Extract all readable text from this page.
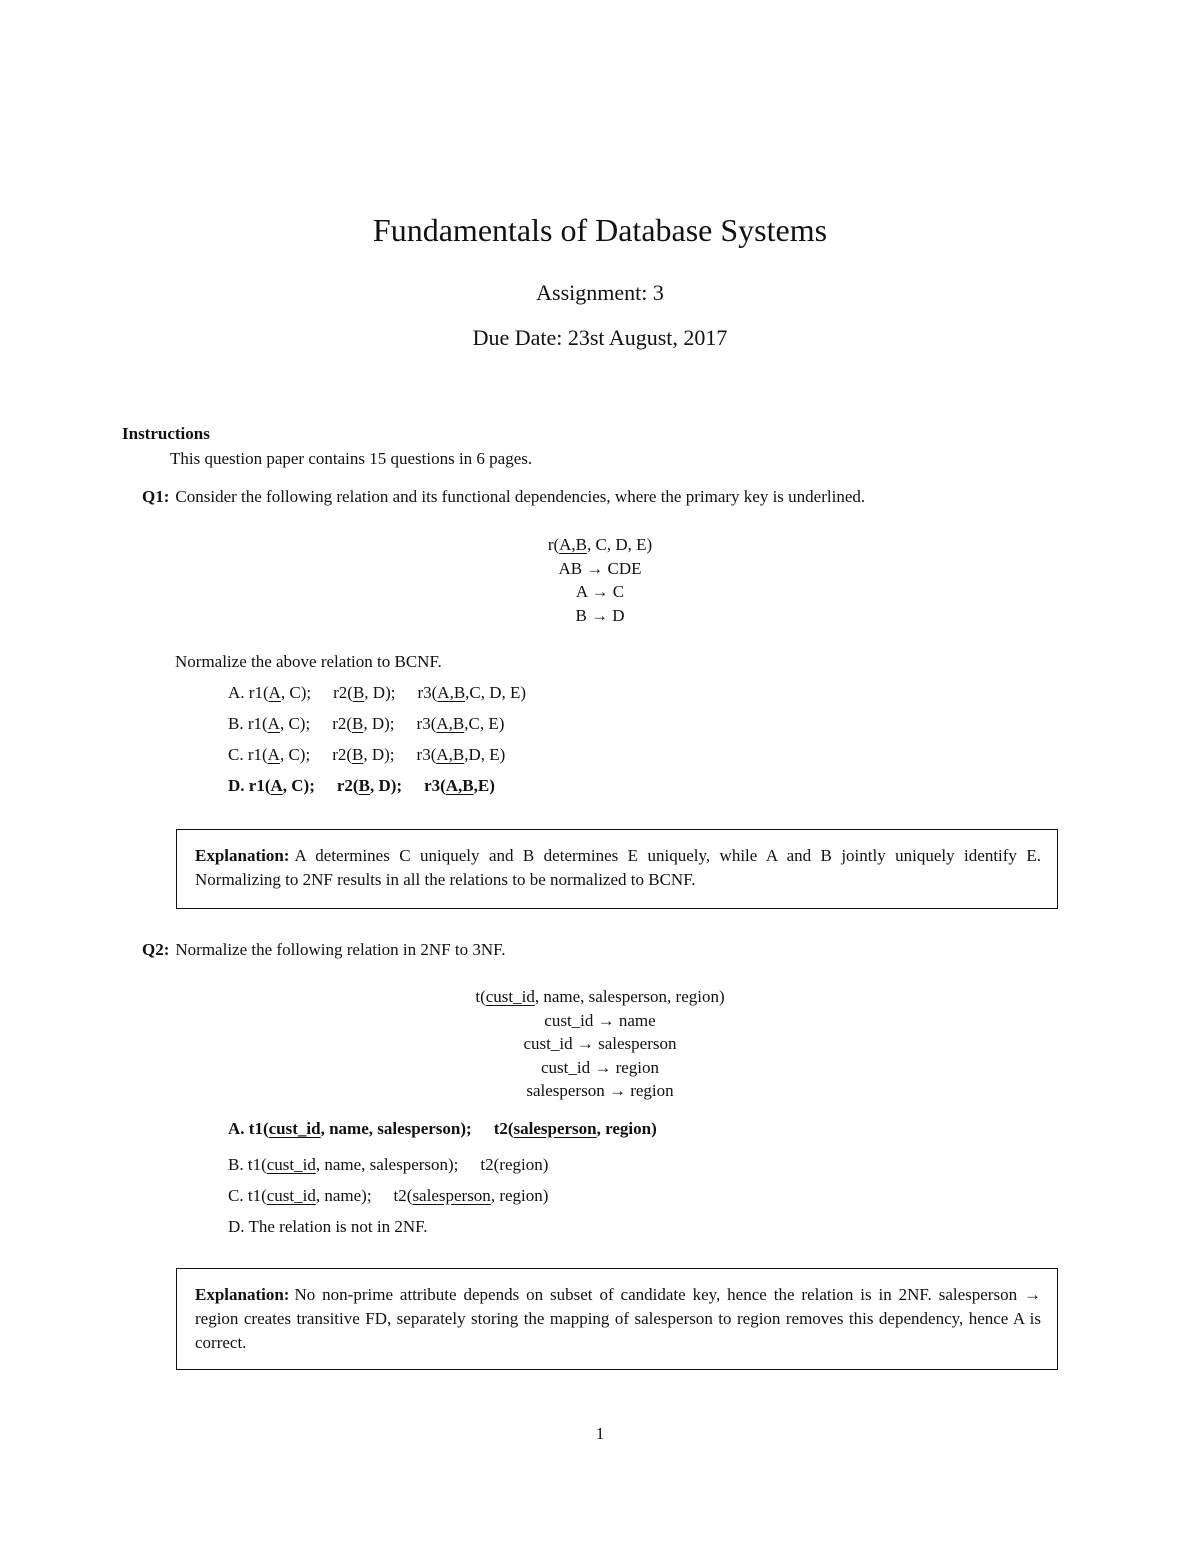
Fundamentals of Database Systems
Assignment: 3
Due Date: 23st August, 2017
Instructions
This question paper contains 15 questions in 6 pages.
Q1: Consider the following relation and its functional dependencies, where the primary key is underlined.
r(A,B, C, D, E)
AB → CDE
A → C
B → D
Normalize the above relation to BCNF.
A. r1(A, C); r2(B, D); r3(A,B,C, D, E)
B. r1(A, C); r2(B, D); r3(A,B,C, E)
C. r1(A, C); r2(B, D); r3(A,B,D, E)
D. r1(A, C); r2(B, D); r3(A,B,E)
Explanation: A determines C uniquely and B determines E uniquely, while A and B jointly uniquely identify E. Normalizing to 2NF results in all the relations to be normalized to BCNF.
Q2: Normalize the following relation in 2NF to 3NF.
t(cust_id, name, salesperson, region)
cust_id → name
cust_id → salesperson
cust_id → region
salesperson → region
A. t1(cust_id, name, salesperson); t2(salesperson, region)
B. t1(cust_id, name, salesperson); t2(region)
C. t1(cust_id, name); t2(salesperson, region)
D. The relation is not in 2NF.
Explanation: No non-prime attribute depends on subset of candidate key, hence the relation is in 2NF. salesperson → region creates transitive FD, separately storing the mapping of salesperson to region removes this dependency, hence A is correct.
1
